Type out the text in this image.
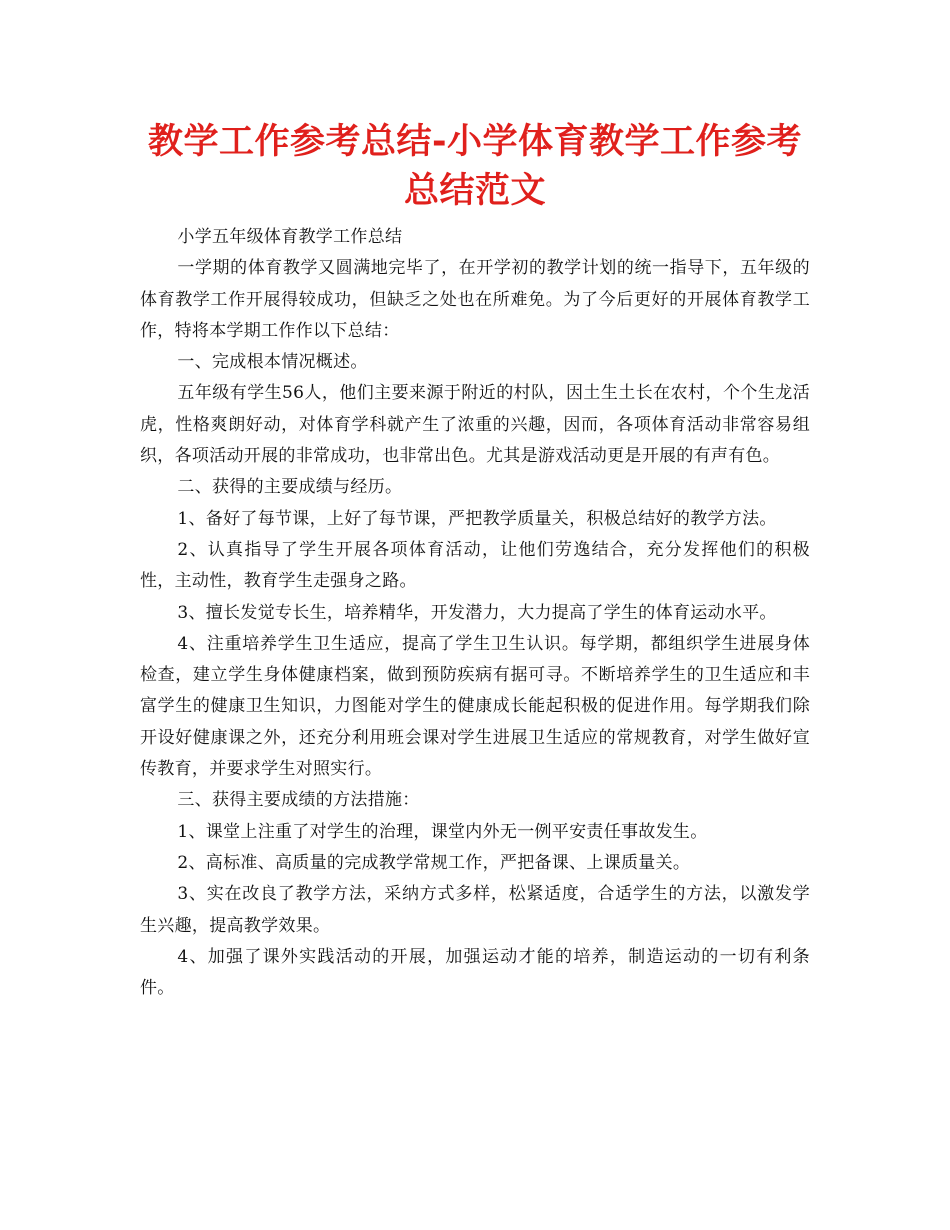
教学工作参考总结-小学体育教学工作参考总结范文

小学五年级体育教学工作总结

一学期的体育教学又圆满地完毕了，在开学初的教学计划的统一指导下，五年级的体育教学工作开展得较成功，但缺乏之处也在所难免。为了今后更好的开展体育教学工作，特将本学期工作作以下总结：

一、完成根本情况概述。

五年级有学生56人，他们主要来源于附近的村队，因土生土长在农村，个个生龙活虎，性格爽朗好动，对体育学科就产生了浓重的兴趣，因而，各项体育活动非常容易组织，各项活动开展的非常成功，也非常出色。尤其是游戏活动更是开展的有声有色。

二、获得的主要成绩与经历。

1、备好了每节课，上好了每节课，严把教学质量关，积极总结好的教学方法。

2、认真指导了学生开展各项体育活动，让他们劳逸结合，充分发挥他们的积极性，主动性，教育学生走强身之路。

3、擅长发觉专长生，培养精华，开发潜力，大力提高了学生的体育运动水平。

4、注重培养学生卫生适应，提高了学生卫生认识。每学期，都组织学生进展身体检查，建立学生身体健康档案，做到预防疾病有据可寻。不断培养学生的卫生适应和丰富学生的健康卫生知识，力图能对学生的健康成长能起积极的促进作用。每学期我们除开设好健康课之外，还充分利用班会课对学生进展卫生适应的常规教育，对学生做好宣传教育，并要求学生对照实行。

三、获得主要成绩的方法措施：

1、课堂上注重了对学生的治理，课堂内外无一例平安责任事故发生。

2、高标准、高质量的完成教学常规工作，严把备课、上课质量关。

3、实在改良了教学方法，采纳方式多样，松紧适度，合适学生的方法，以激发学生兴趣，提高教学效果。

4、加强了课外实践活动的开展，加强运动才能的培养，制造运动的一切有利条件。
